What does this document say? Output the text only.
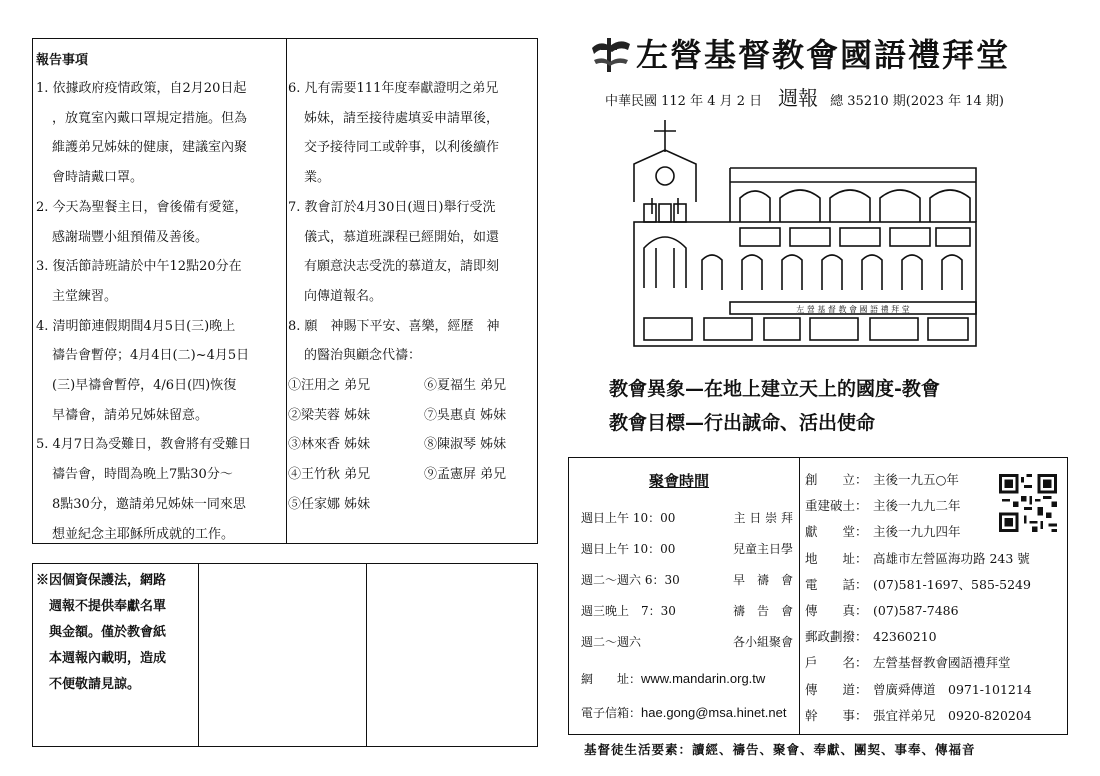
報告事項

1. 依據政府疫情政策，自2月20日起

，放寬室內戴口罩規定措施。但為

維護弟兄姊妹的健康，建議室內聚

會時請戴口罩。

2. 今天為聖餐主日，會後備有愛筵，

感謝瑞豐小組預備及善後。

3. 復活節詩班請於中午12點20分在

主堂練習。

4. 清明節連假期間4月5日(三)晚上

禱告會暫停；4月4日(二)~4月5日

(三)早禱會暫停，4/6日(四)恢復

早禱會，請弟兄姊妹留意。

5. 4月7日為受難日，教會將有受難日

禱告會，時間為晚上7點30分～

8點30分，邀請弟兄姊妹一同來思

想並紀念主耶穌所成就的工作。

6. 凡有需要111年度奉獻證明之弟兄

姊妹，請至接待處填妥申請單後，

交予接待同工或幹事，以利後續作

業。

7. 教會訂於4月30日(週日)舉行受洗

儀式，慕道班課程已經開始，如還

有願意決志受洗的慕道友，請即刻

向傳道報名。

8. 願　神賜下平安、喜樂，經歷　神

的醫治與顧念代禱：

①汪用之 弟兄	⑥夏福生 弟兄
②梁芙蓉 姊妹	⑦吳惠貞 姊妹
③林來香 姊妹	⑧陳淑琴 姊妹
④王竹秋 弟兄	⑨孟憲屏 弟兄
⑤任家娜 姊妹

※因個資保護法，網路

　週報不提供奉獻名單

　與金額。僅於教會紙

　本週報內載明，造成

　不便敬請見諒。

左營基督教會國語禮拜堂
中華民國 112 年 4 月 2 日 週報 總 35210 期(2023 年 14 期)
左 營 基 督 教 會 國 語 禮 拜 堂

教會異象—在地上建立天上的國度-教會

教會目標—行出誠命、活出使命

聚會時間
週日上午 10：00	主 日 崇 拜
週日上午 10：00	兒童主日學
週二～週六 6：30	早　禱　會
週三晚上　7：30	禱　告　會
週二～週六	各小組聚會
網　　址：www.mandarin.org.tw
電子信箱：hae.gong@msa.hinet.net
創　　立： 主後一九五○年
重建破土： 主後一九九二年
獻　　堂： 主後一九九四年
地　　址： 高雄市左營區海功路 243 號
電　　話： (07)581-1697、585-5249
傳　　真： (07)587-7486
郵政劃撥： 42360210
戶　　名： 左營基督教會國語禮拜堂
傳　　道： 曾廣舜傳道　0971-101214
幹　　事： 張宜祥弟兄　0920-820204
基督徒生活要素：讀經、禱告、聚會、奉獻、團契、事奉、傳福音
